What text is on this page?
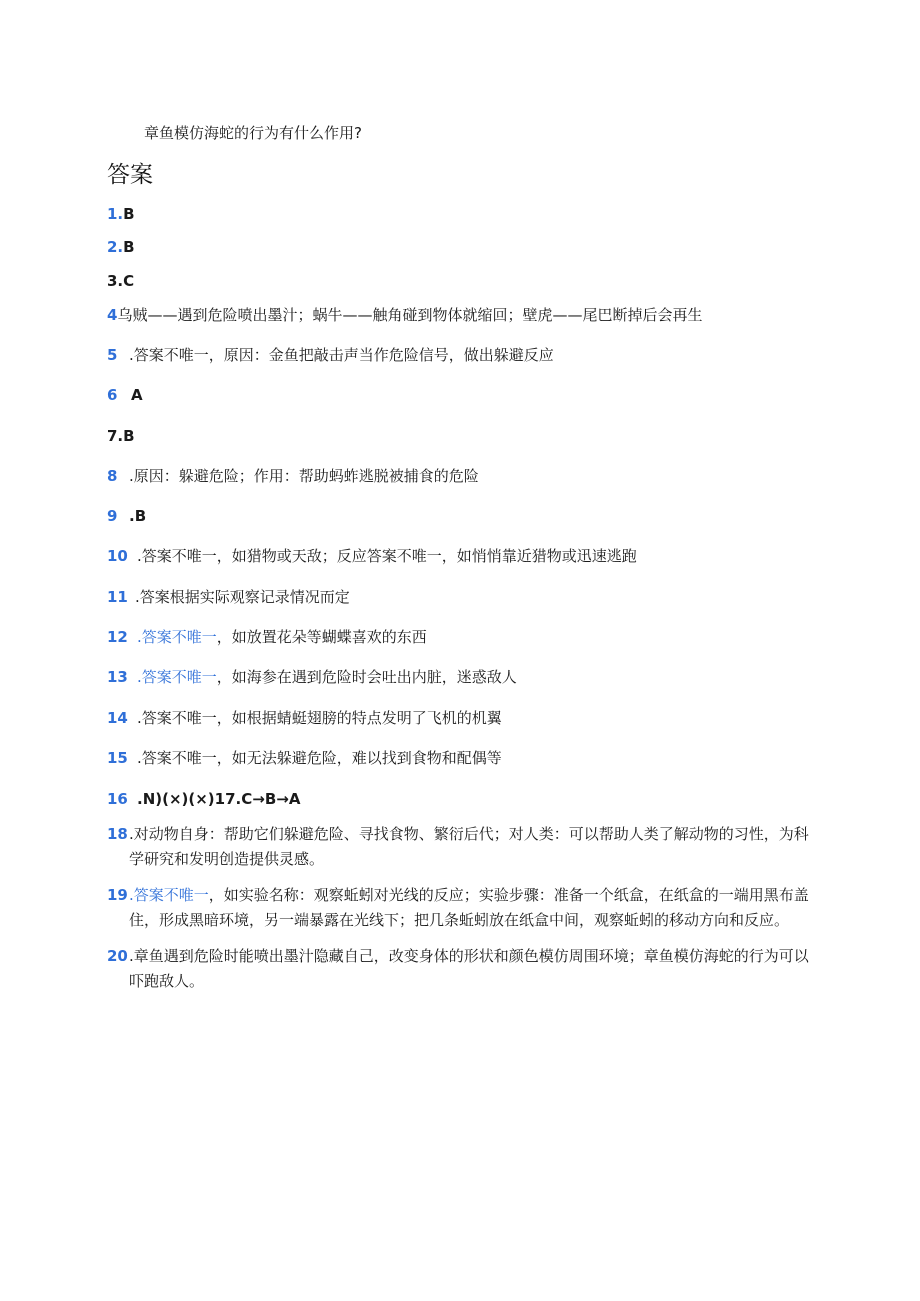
章鱼模仿海蛇的行为有什么作用?
答案
1.B
2.B
3.C
4乌贼——遇到危险喷出墨汁；蜗牛——触角碰到物体就缩回；壁虎——尾巴断掉后会再生
5 .答案不唯一，原因：金鱼把敲击声当作危险信号，做出躲避反应
6 A
7.B
8 .原因：躲避危险；作用：帮助蚂蚱逃脱被捕食的危险
9 .B
10 .答案不唯一，如猎物或天敌；反应答案不唯一，如悄悄靠近猎物或迅速逃跑
11 .答案根据实际观察记录情况而定
12 .答案不唯一，如放置花朵等蝴蝶喜欢的东西
13 .答案不唯一，如海参在遇到危险时会吐出内脏，迷惑敌人
14 .答案不唯一，如根据蜻蜓翅膀的特点发明了飞机的机翼
15 .答案不唯一，如无法躲避危险，难以找到食物和配偶等
16 .N)(×)(×)17.C→B→A
18 .对动物自身：帮助它们躲避危险、寻找食物、繁衍后代；对人类：可以帮助人类了解动物的习性，为科学研究和发明创造提供灵感。
19 .答案不唯一，如实验名称：观察蚯蚓对光线的反应；实验步骤：准备一个纸盒，在纸盒的一端用黑布盖住，形成黑暗环境，另一端暴露在光线下；把几条蚯蚓放在纸盒中间，观察蚯蚓的移动方向和反应。
20 .章鱼遇到危险时能喷出墨汁隐藏自己，改变身体的形状和颜色模仿周围环境；章鱼模仿海蛇的行为可以吓跑敌人。
